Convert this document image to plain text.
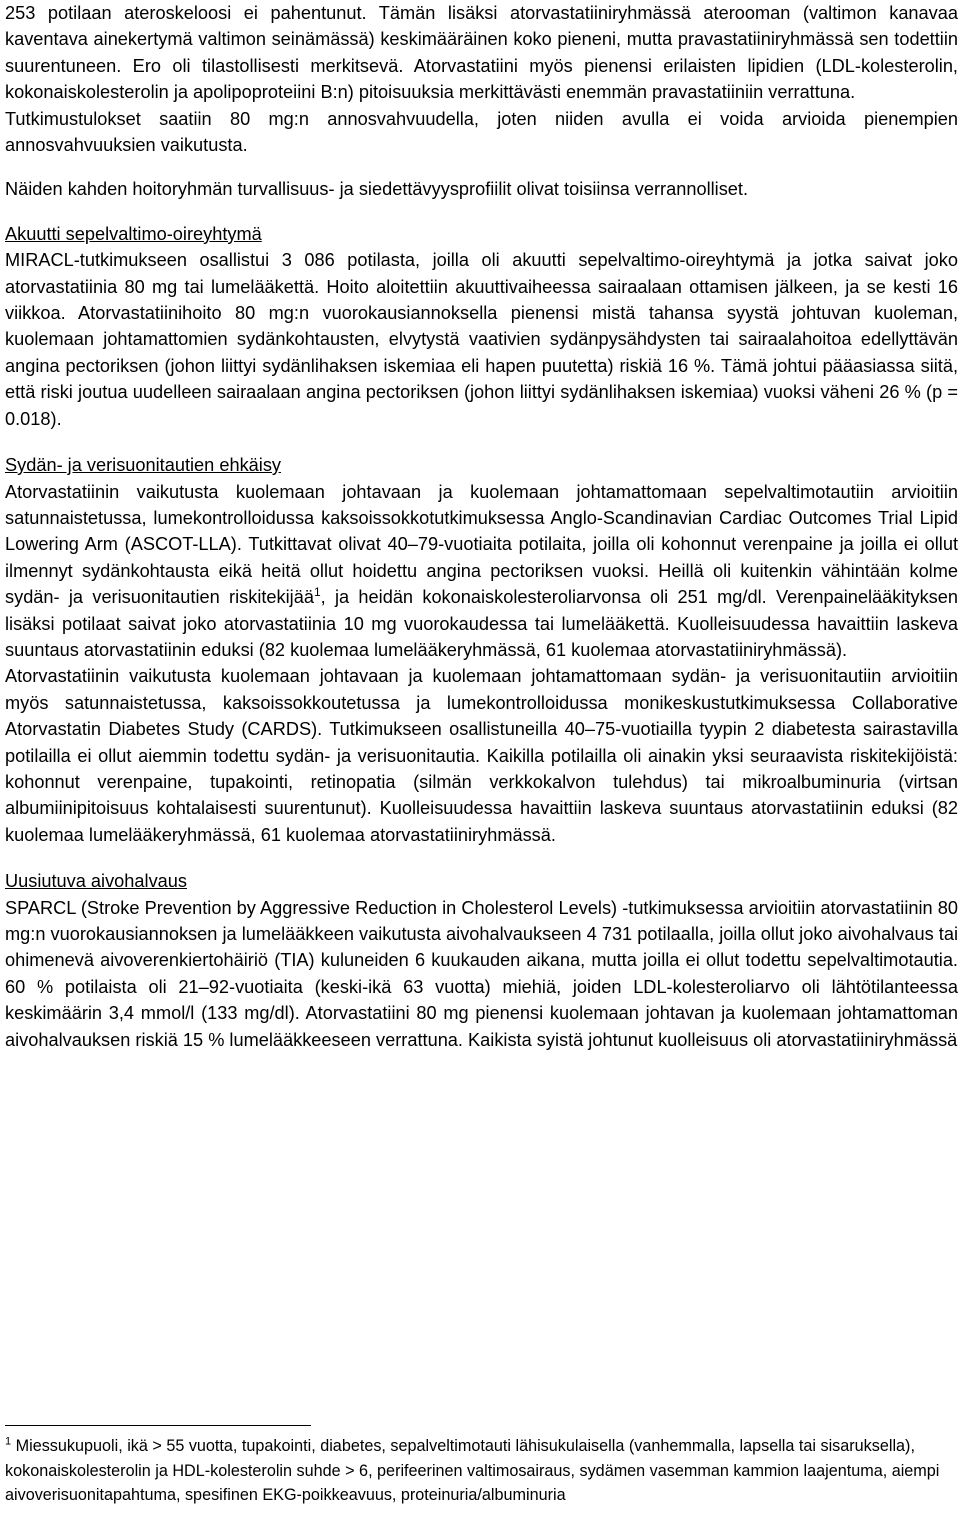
253 potilaan ateroskeloosi ei pahentunut. Tämän lisäksi atorvastatiiniryhmässä aterooman (valtimon kanavaa kaventava ainekertymä valtimon seinämässä) keskimääräinen koko pieneni, mutta pravastatiiniryhmässä sen todettiin suurentuneen. Ero oli tilastollisesti merkitsevä. Atorvastatiini myös pienensi erilaisten lipidien (LDL-kolesterolin, kokonaiskolesterolin ja apolipoproteiini B:n) pitoisuuksia merkittävästi enemmän pravastatiiniin verrattuna.

Tutkimustulokset saatiin 80 mg:n annosvahvuudella, joten niiden avulla ei voida arvioida pienempien annosvahvuuksien vaikutusta.

Näiden kahden hoitoryhmän turvallisuus- ja siedettävyysprofiilit olivat toisiinsa verrannolliset.

Akuutti sepelvaltimo-oireyhtymä

MIRACL-tutkimukseen osallistui 3 086 potilasta, joilla oli akuutti sepelvaltimo-oireyhtymä ja jotka saivat joko atorvastatiinia 80 mg tai lumelääkettä. Hoito aloitettiin akuuttivaiheessa sairaalaan ottamisen jälkeen, ja se kesti 16 viikkoa. Atorvastatiinihoito 80 mg:n vuorokausiannoksella pienensi mistä tahansa syystä johtuvan kuoleman, kuolemaan johtamattomien sydänkohtausten, elvytystä vaativien sydänpysähdysten tai sairaalahoitoa edellyttävän angina pectoriksen (johon liittyi sydänlihaksen iskemiaa eli hapen puutetta) riskiä 16 %. Tämä johtui pääasiassa siitä, että riski joutua uudelleen sairaalaan angina pectoriksen (johon liittyi sydänlihaksen iskemiaa) vuoksi väheni 26 % (p = 0.018).

Sydän- ja verisuonitautien ehkäisy

Atorvastatiinin vaikutusta kuolemaan johtavaan ja kuolemaan johtamattomaan sepelvaltimotautiin arvioitiin satunnaistetussa, lumekontrolloidussa kaksoissokkotutkimuksessa Anglo-Scandinavian Cardiac Outcomes Trial Lipid Lowering Arm (ASCOT-LLA). Tutkittavat olivat 40–79-vuotiaita potilaita, joilla oli kohonnut verenpaine ja joilla ei ollut ilmennyt sydänkohtausta eikä heitä ollut hoidettu angina pectoriksen vuoksi. Heillä oli kuitenkin vähintään kolme sydän- ja verisuonitautien riskitekijää$^1$, ja heidän kokonaiskolesteroliarvonsa oli 251 mg/dl. Verenpainelääkityksen lisäksi potilaat saivat joko atorvastatiinia 10 mg vuorokaudessa tai lumelääkettä. Kuolleisuudessa havaittiin laskeva suuntaus atorvastatiinin eduksi (82 kuolemaa lumelääkeryhmässä, 61 kuolemaa atorvastatiiniryhmässä).

Atorvastatiinin vaikutusta kuolemaan johtavaan ja kuolemaan johtamattomaan sydän- ja verisuonitautiin arvioitiin myös satunnaistetussa, kaksoissokkoutetussa ja lumekontrolloidussa monikeskustutkimuksessa Collaborative Atorvastatin Diabetes Study (CARDS). Tutkimukseen osallistuneilla 40–75-vuotiailla tyypin 2 diabetesta sairastavilla potilailla ei ollut aiemmin todettu sydän- ja verisuonitautia. Kaikilla potilailla oli ainakin yksi seuraavista riskitekijöistä: kohonnut verenpaine, tupakointi, retinopatia (silmän verkkokalvon tulehdus) tai mikroalbuminuria (virtsan albumiinipitoisuus kohtalaisesti suurentunut). Kuolleisuudessa havaittiin laskeva suuntaus atorvastatiinin eduksi (82 kuolemaa lumelääkeryhmässä, 61 kuolemaa atorvastatiiniryhmässä.

Uusiutuva aivohalvaus

SPARCL (Stroke Prevention by Aggressive Reduction in Cholesterol Levels) -tutkimuksessa arvioitiin atorvastatiinin 80 mg:n vuorokausiannoksen ja lumelääkkeen vaikutusta aivohalvaukseen 4 731 potilaalla, joilla ollut joko aivohalvaus tai ohimenevä aivoverenkiertohäiriö (TIA) kuluneiden 6 kuukauden aikana, mutta joilla ei ollut todettu sepelvaltimotautia. 60 % potilaista oli 21–92-vuotiaita (keski-ikä 63 vuotta) miehiä, joiden LDL-kolesteroliarvo oli lähtötilanteessa keskimäärin 3,4 mmol/l (133 mg/dl). Atorvastatiini 80 mg pienensi kuolemaan johtavan ja kuolemaan johtamattoman aivohalvauksen riskiä 15 % lumelääkkeeseen verrattuna. Kaikista syistä johtunut kuolleisuus oli atorvastatiiniryhmässä

$^1$ Miessukupuoli, ikä > 55 vuotta, tupakointi, diabetes, sepalveltimotauti lähisukulaisella (vanhemmalla, lapsella tai sisaruksella), kokonaiskolesterolin ja HDL-kolesterolin suhde > 6, perifeerinen valtimosairaus, sydämen vasemman kammion laajentuma, aiempi aivoverisuonitapahtuma, spesifinen EKG-poikkeavuus, proteinuria/albuminuria
